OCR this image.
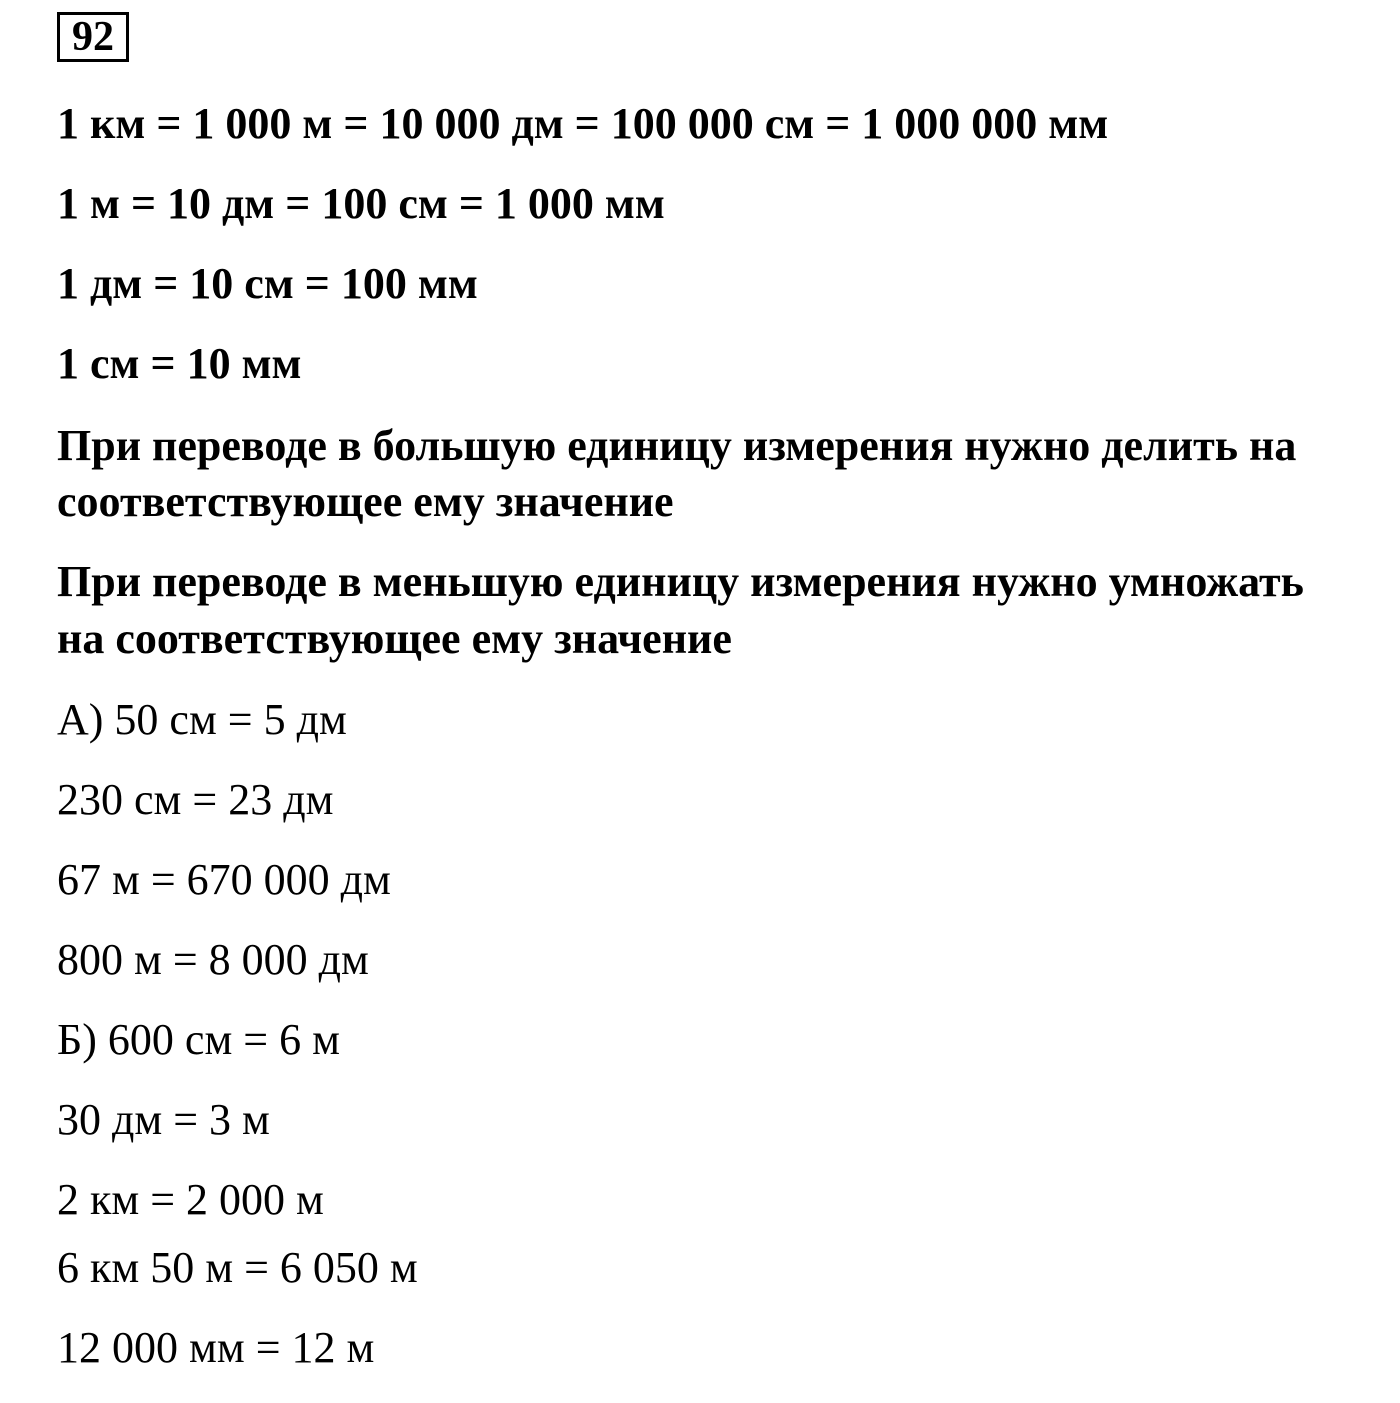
92
1 км = 1 000 м = 10 000 дм = 100 000 см = 1 000 000 мм
1 м = 10 дм = 100 см = 1 000 мм
1 дм = 10 см = 100 мм
1 см = 10 мм
При переводе в большую единицу измерения нужно делить на
соответствующее ему значение
При переводе в меньшую единицу измерения нужно умножать
на соответствующее ему значение
А) 50 см = 5 дм
230 см = 23 дм
67 м = 670 000 дм
800 м = 8 000 дм
Б) 600 см = 6 м
30 дм = 3 м
2 км = 2 000 м
6 км 50 м = 6 050 м
12 000 мм = 12 м
